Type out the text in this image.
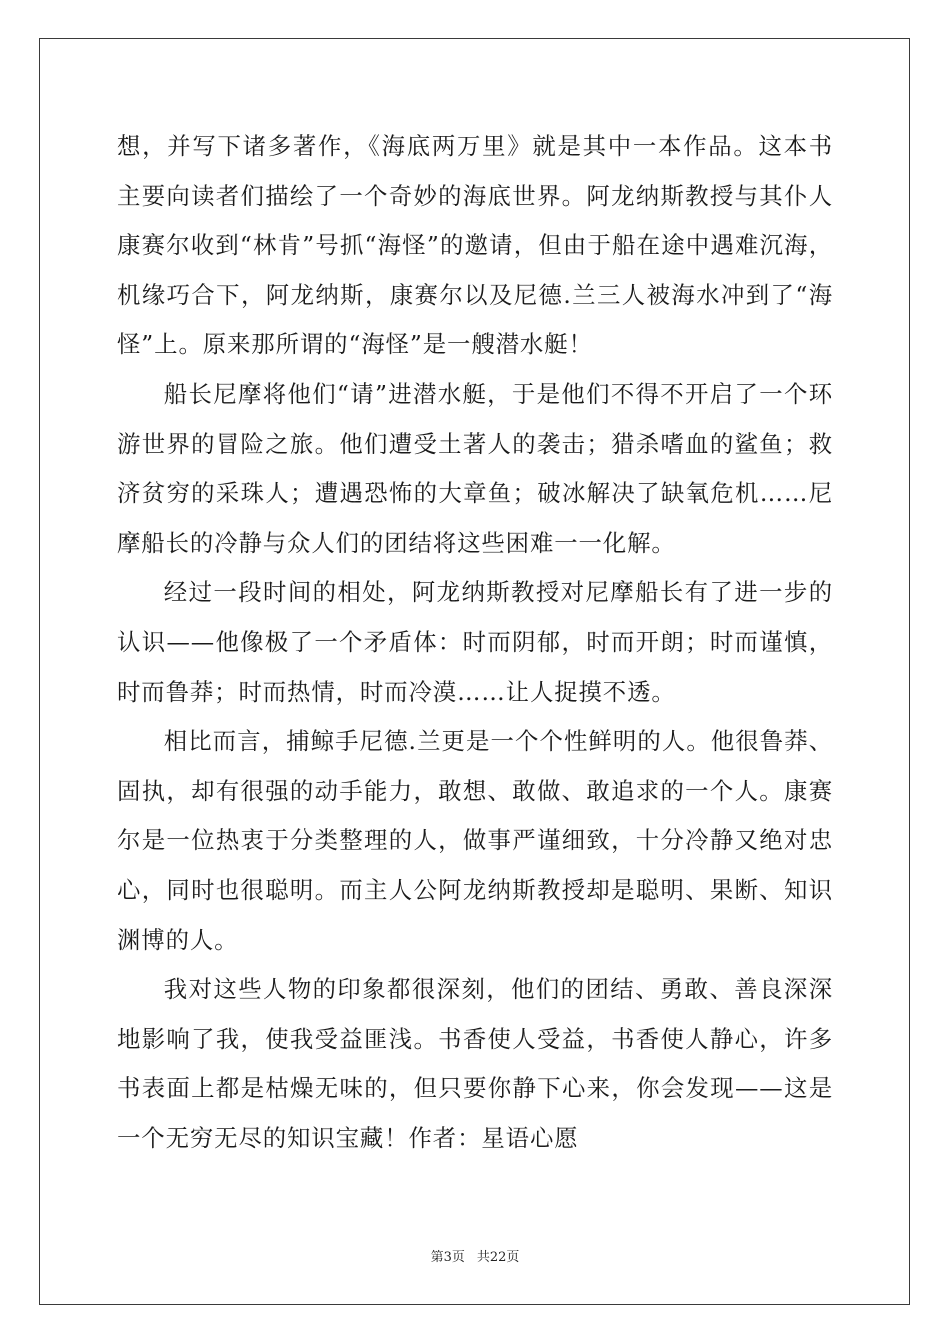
想，并写下诸多著作，《海底两万里》就是其中一本作品。这本书主要向读者们描绘了一个奇妙的海底世界。阿龙纳斯教授与其仆人康赛尔收到“林肯”号抓“海怪”的邀请，但由于船在途中遇难沉海，机缘巧合下，阿龙纳斯，康赛尔以及尼德.兰三人被海水冲到了“海怪”上。原来那所谓的“海怪”是一艘潜水艇！

船长尼摩将他们“请”进潜水艇，于是他们不得不开启了一个环游世界的冒险之旅。他们遭受土著人的袭击；猎杀嗜血的鲨鱼；救济贫穷的采珠人；遭遇恐怖的大章鱼；破冰解决了缺氧危机……尼摩船长的冷静与众人们的团结将这些困难一一化解。

经过一段时间的相处，阿龙纳斯教授对尼摩船长有了进一步的认识——他像极了一个矛盾体：时而阴郁，时而开朗；时而谨慎，时而鲁莽；时而热情，时而冷漠……让人捉摸不透。

相比而言，捕鲸手尼德.兰更是一个个性鲜明的人。他很鲁莽、固执，却有很强的动手能力，敢想、敢做、敢追求的一个人。康赛尔是一位热衷于分类整理的人，做事严谨细致，十分冷静又绝对忠心，同时也很聪明。而主人公阿龙纳斯教授却是聪明、果断、知识渊博的人。

我对这些人物的印象都很深刻，他们的团结、勇敢、善良深深地影响了我，使我受益匪浅。书香使人受益，书香使人静心，许多书表面上都是枯燥无味的，但只要你静下心来，你会发现——这是一个无穷无尽的知识宝藏！作者：星语心愿

第3页 共22页
